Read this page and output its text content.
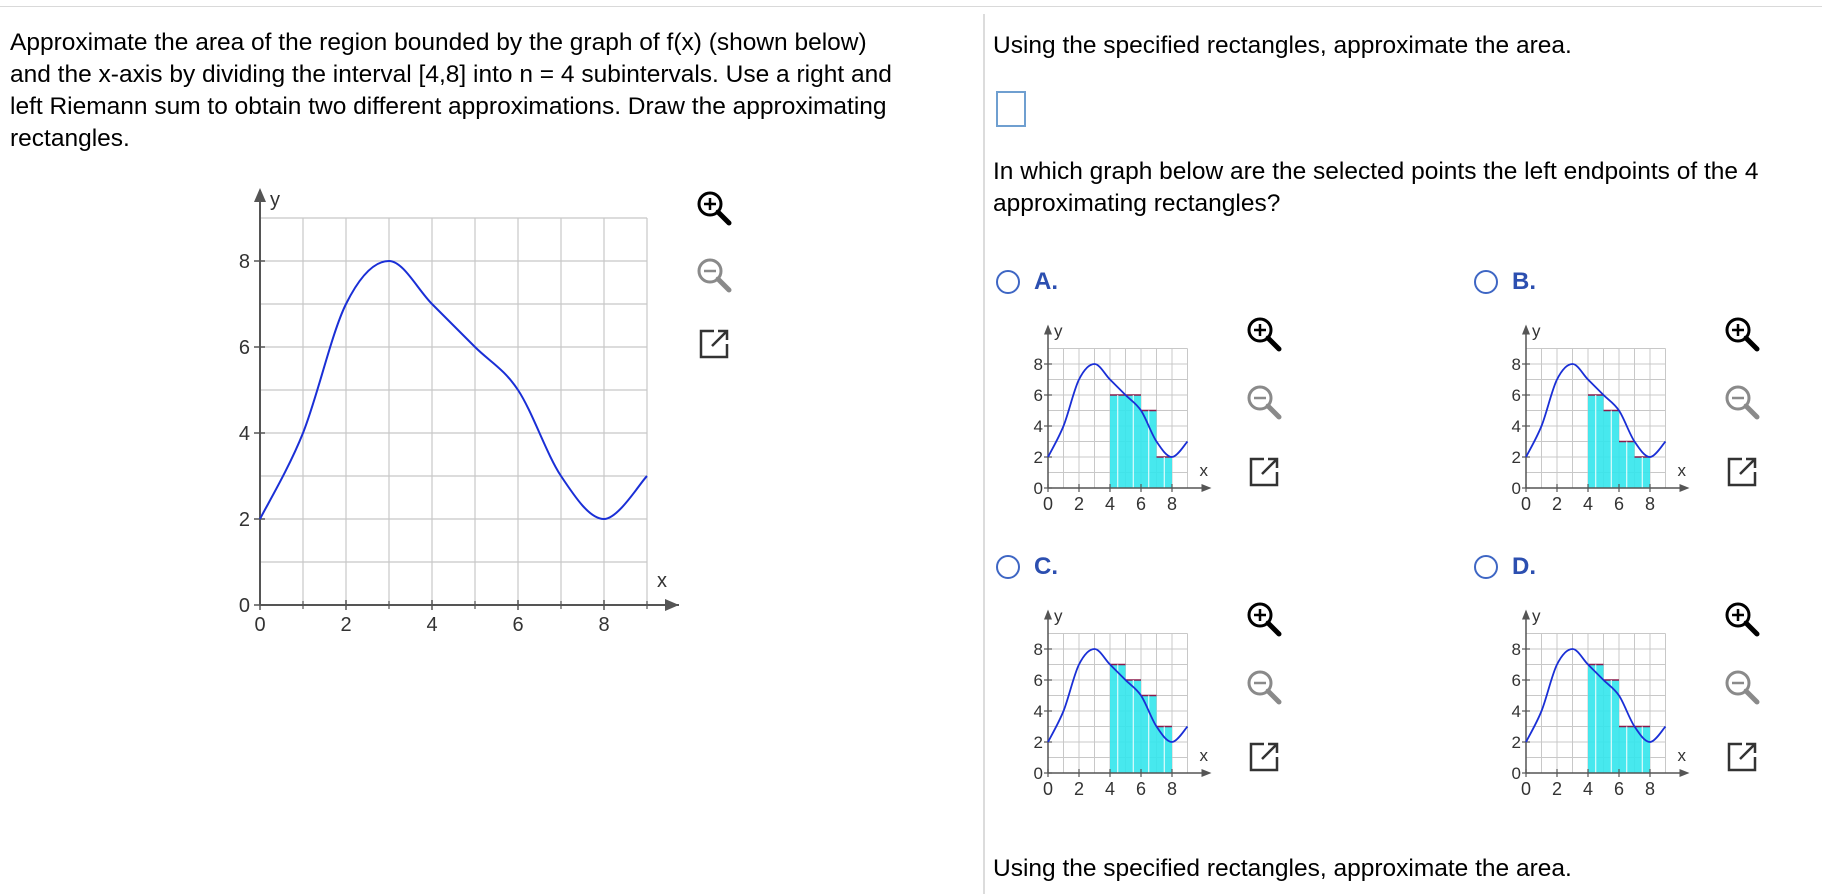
Approximate the area of the region bounded by the graph of f(x) (shown below)
and the x-axis by dividing the interval [4,8] into n = 4 subintervals. Use a right and
left Riemann sum to obtain two different approximations. Draw the approximating
rectangles.
0	2	4	6	8
0
2
4
6
8
y
x
Using the specified rectangles, approximate the area.
In which graph below are the selected points the left endpoints of the 4
approximating rectangles?
A.
0 2 4 6 8
0
2
4
6
8
y
x
B.
0 2 4 6 8
0
2
4
6
8
y
x
C.
0 2 4 6 8
0
2
4
6
8
y
x
D.
0 2 4 6 8
0
2
4
6
8
y
x
Using the specified rectangles, approximate the area.
